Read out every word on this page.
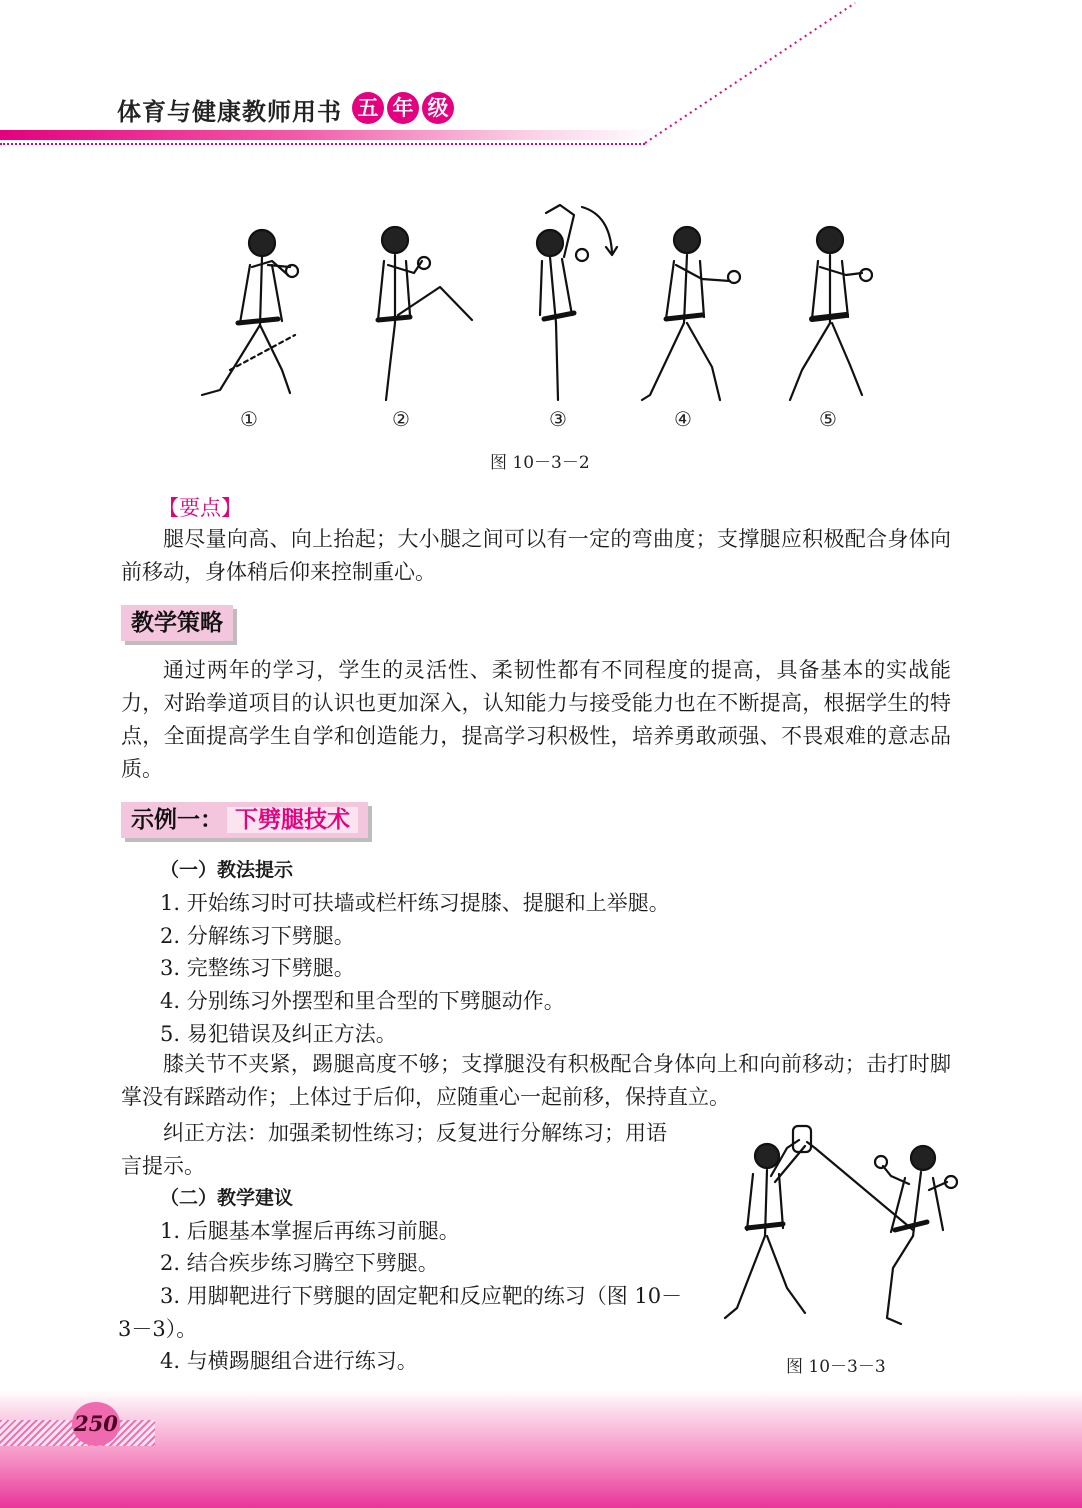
体育与健康教师用书 五 年 级
①	②	③	④	⑤
图 10－3－2
【要点】
腿尽量向高、向上抬起；大小腿之间可以有一定的弯曲度；支撑腿应积极配合身体向前移动，身体稍后仰来控制重心。
教学策略
通过两年的学习，学生的灵活性、柔韧性都有不同程度的提高，具备基本的实战能力，对跆拳道项目的认识也更加深入，认知能力与接受能力也在不断提高，根据学生的特点，全面提高学生自学和创造能力，提高学习积极性，培养勇敢顽强、不畏艰难的意志品质。
示例一： 下劈腿技术
（一）教法提示
1. 开始练习时可扶墙或栏杆练习提膝、提腿和上举腿。
2. 分解练习下劈腿。
3. 完整练习下劈腿。
4. 分别练习外摆型和里合型的下劈腿动作。
5. 易犯错误及纠正方法。
膝关节不夹紧，踢腿高度不够；支撑腿没有积极配合身体向上和向前移动；击打时脚掌没有踩踏动作；上体过于后仰，应随重心一起前移，保持直立。
纠正方法：加强柔韧性练习；反复进行分解练习；用语
言提示。
（二）教学建议
1. 后腿基本掌握后再练习前腿。
2. 结合疾步练习腾空下劈腿。
3. 用脚靶进行下劈腿的固定靶和反应靶的练习（图 10－
3－3）。
4. 与横踢腿组合进行练习。	图 10－3－3
250
